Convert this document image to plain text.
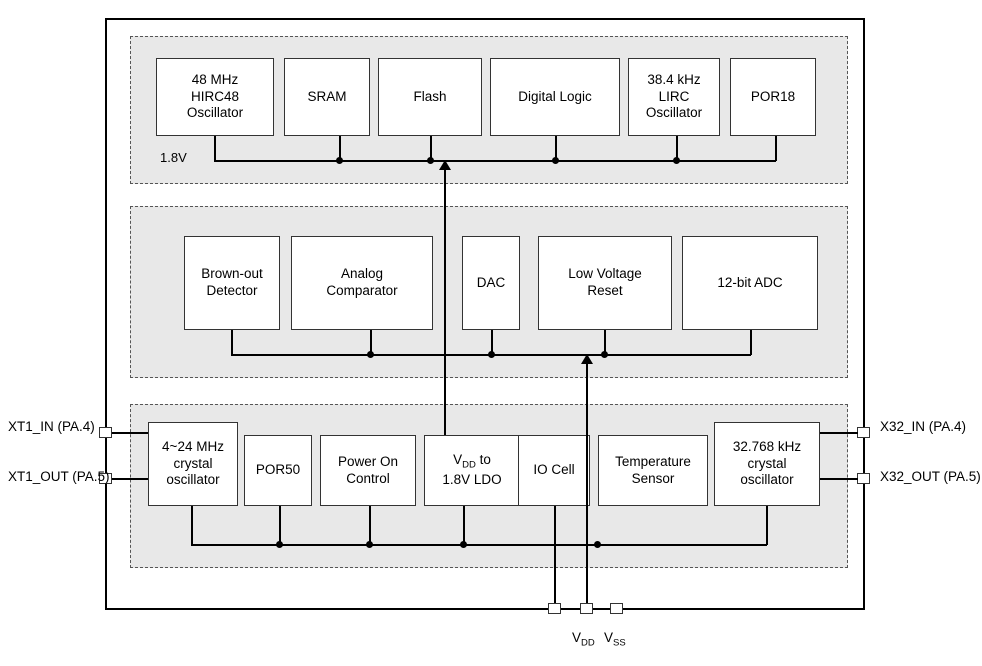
48 MHz
HIRC48
Oscillator
SRAM	Flash	Digital Logic
38.4 kHz
LIRC
Oscillator
POR18
1.8V
Brown-out
Detector
Analog
Comparator
DAC
Low Voltage
Reset
12-bit ADC
4~24 MHz
crystal
oscillator
POR50
Power On
Control
$V_{DD}$ to
1.8V LDO
IO Cell
Temperature
Sensor
32.768 kHz
crystal
oscillator
XT1_IN (PA.4)
XT1_OUT (PA.5)
X32_IN (PA.4)
X32_OUT (PA.5)
$V_{DD}$ $V_{SS}$
